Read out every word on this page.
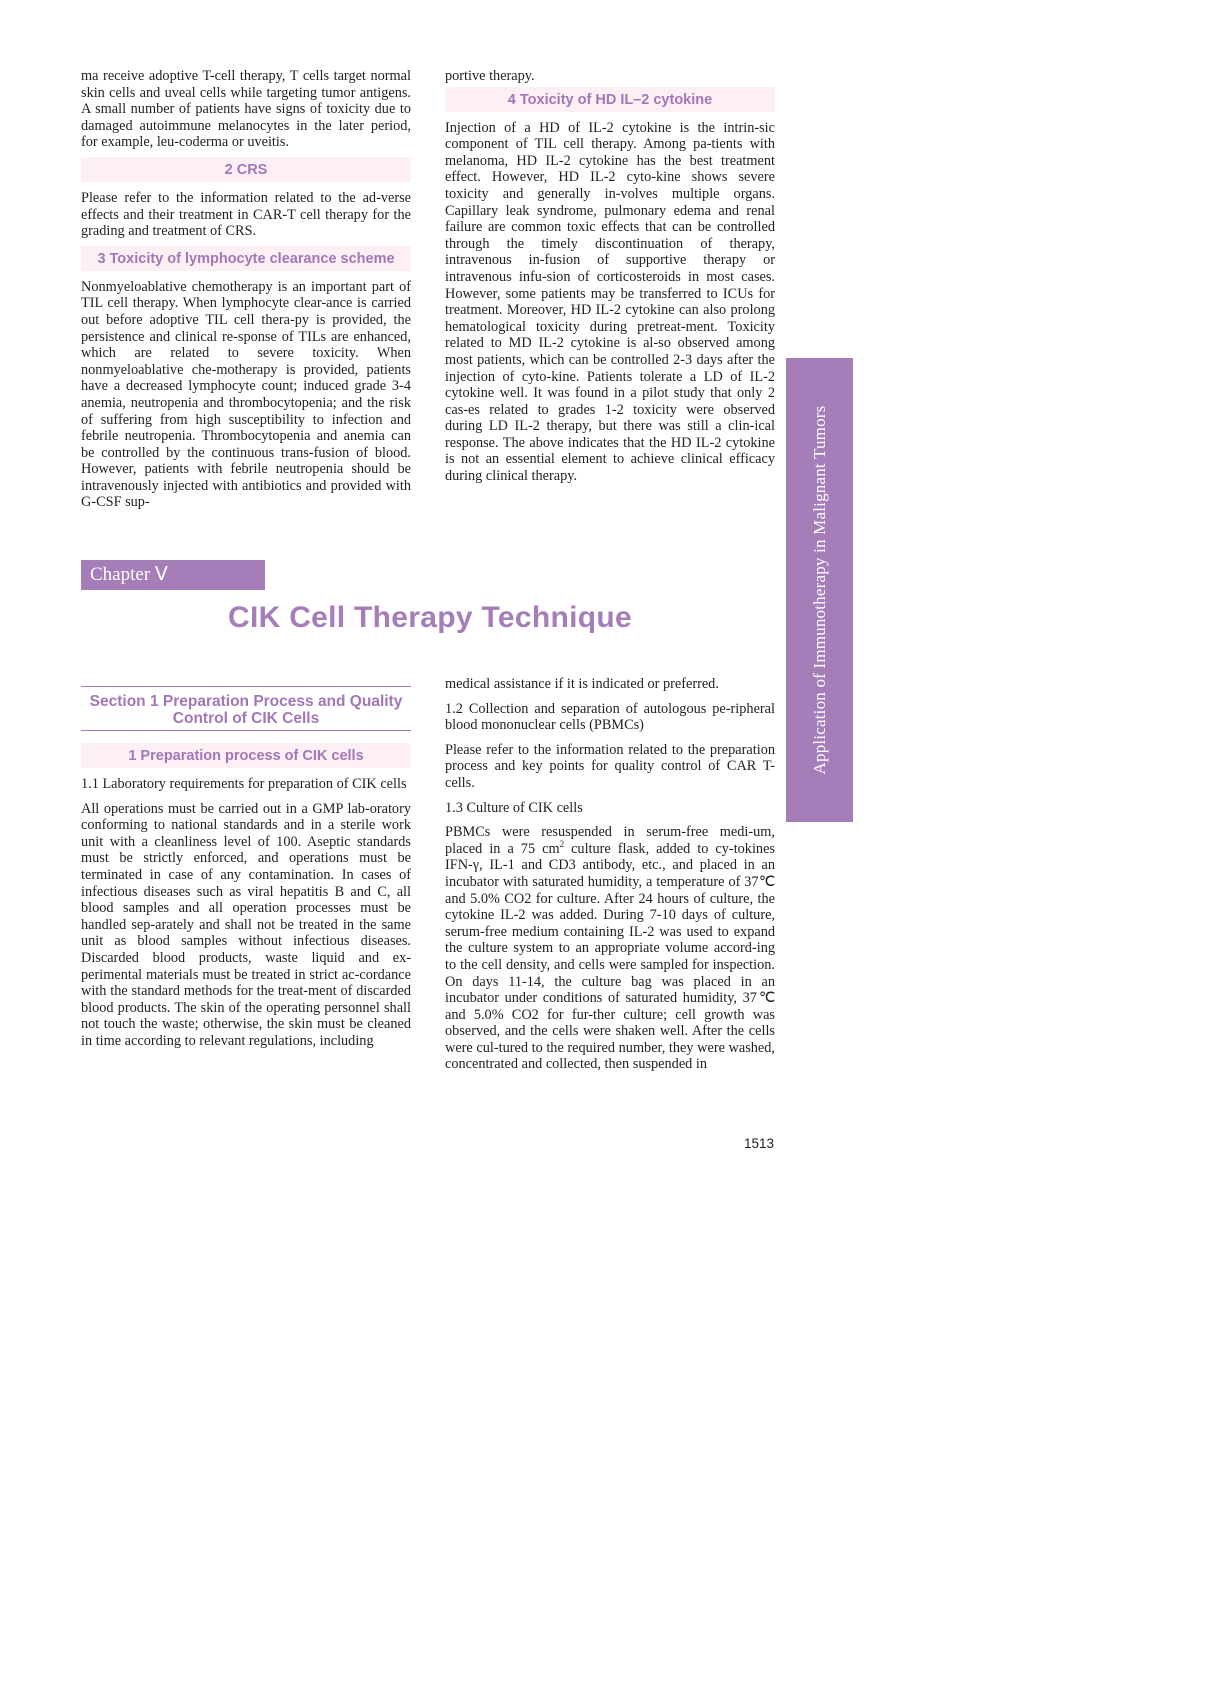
ma receive adoptive T-cell therapy, T cells target normal skin cells and uveal cells while targeting tumor antigens. A small number of patients have signs of toxicity due to damaged autoimmune melanocytes in the later period, for example, leu-coderma or uveitis.

2 CRS

Please refer to the information related to the ad-verse effects and their treatment in CAR-T cell therapy for the grading and treatment of CRS.

3 Toxicity of lymphocyte clearance scheme

Nonmyeloablative chemotherapy is an important part of TIL cell therapy. When lymphocyte clear-ance is carried out before adoptive TIL cell thera-py is provided, the persistence and clinical re-sponse of TILs are enhanced, which are related to severe toxicity. When nonmyeloablative che-motherapy is provided, patients have a decreased lymphocyte count; induced grade 3-4 anemia, neutropenia and thrombocytopenia; and the risk of suffering from high susceptibility to infection and febrile neutropenia. Thrombocytopenia and anemia can be controlled by the continuous trans-fusion of blood. However, patients with febrile neutropenia should be intravenously injected with antibiotics and provided with G-CSF sup-

portive therapy.

4 Toxicity of HD IL–2 cytokine

Injection of a HD of IL-2 cytokine is the intrin-sic component of TIL cell therapy. Among pa-tients with melanoma, HD IL-2 cytokine has the best treatment effect. However, HD IL-2 cyto-kine shows severe toxicity and generally in-volves multiple organs. Capillary leak syndrome, pulmonary edema and renal failure are common toxic effects that can be controlled through the timely discontinuation of therapy, intravenous in-fusion of supportive therapy or intravenous infu-sion of corticosteroids in most cases. However, some patients may be transferred to ICUs for treatment. Moreover, HD IL-2 cytokine can also prolong hematological toxicity during pretreat-ment. Toxicity related to MD IL-2 cytokine is al-so observed among most patients, which can be controlled 2-3 days after the injection of cyto-kine. Patients tolerate a LD of IL-2 cytokine well. It was found in a pilot study that only 2 cas-es related to grades 1-2 toxicity were observed during LD IL-2 therapy, but there was still a clin-ical response. The above indicates that the HD IL-2 cytokine is not an essential element to achieve clinical efficacy during clinical therapy.	Application of Immunotherapy in Malignant Tumors
Chapter Ⅴ
CIK Cell Therapy Technique
Section 1 Preparation Process and Quality Control of CIK Cells
1 Preparation process of CIK cells

1.1 Laboratory requirements for preparation of CIK cells

All operations must be carried out in a GMP lab-oratory conforming to national standards and in a sterile work unit with a cleanliness level of 100. Aseptic standards must be strictly enforced, and operations must be terminated in case of any contamination. In cases of infectious diseases such as viral hepatitis B and C, all blood samples and all operation processes must be handled sep-arately and shall not be treated in the same unit as blood samples without infectious diseases. Discarded blood products, waste liquid and ex-perimental materials must be treated in strict ac-cordance with the standard methods for the treat-ment of discarded blood products. The skin of the operating personnel shall not touch the waste; otherwise, the skin must be cleaned in time according to relevant regulations, including

medical assistance if it is indicated or preferred.

1.2 Collection and separation of autologous pe-ripheral blood mononuclear cells (PBMCs)

Please refer to the information related to the preparation process and key points for quality control of CAR T-cells.

1.3 Culture of CIK cells

PBMCs were resuspended in serum-free medi-um, placed in a 75 $cm^2$ culture flask, added to cy-tokines IFN-γ, IL-1 and CD3 antibody, etc., and placed in an incubator with saturated humidity, a temperature of 37℃ and 5.0% CO2 for culture. After 24 hours of culture, the cytokine IL-2 was added. During 7-10 days of culture, serum-free medium containing IL-2 was used to expand the culture system to an appropriate volume accord-ing to the cell density, and cells were sampled for inspection. On days 11-14, the culture bag was placed in an incubator under conditions of saturated humidity, 37℃ and 5.0% CO2 for fur-ther culture; cell growth was observed, and the cells were shaken well. After the cells were cul-tured to the required number, they were washed, concentrated and collected, then suspended in

1513
